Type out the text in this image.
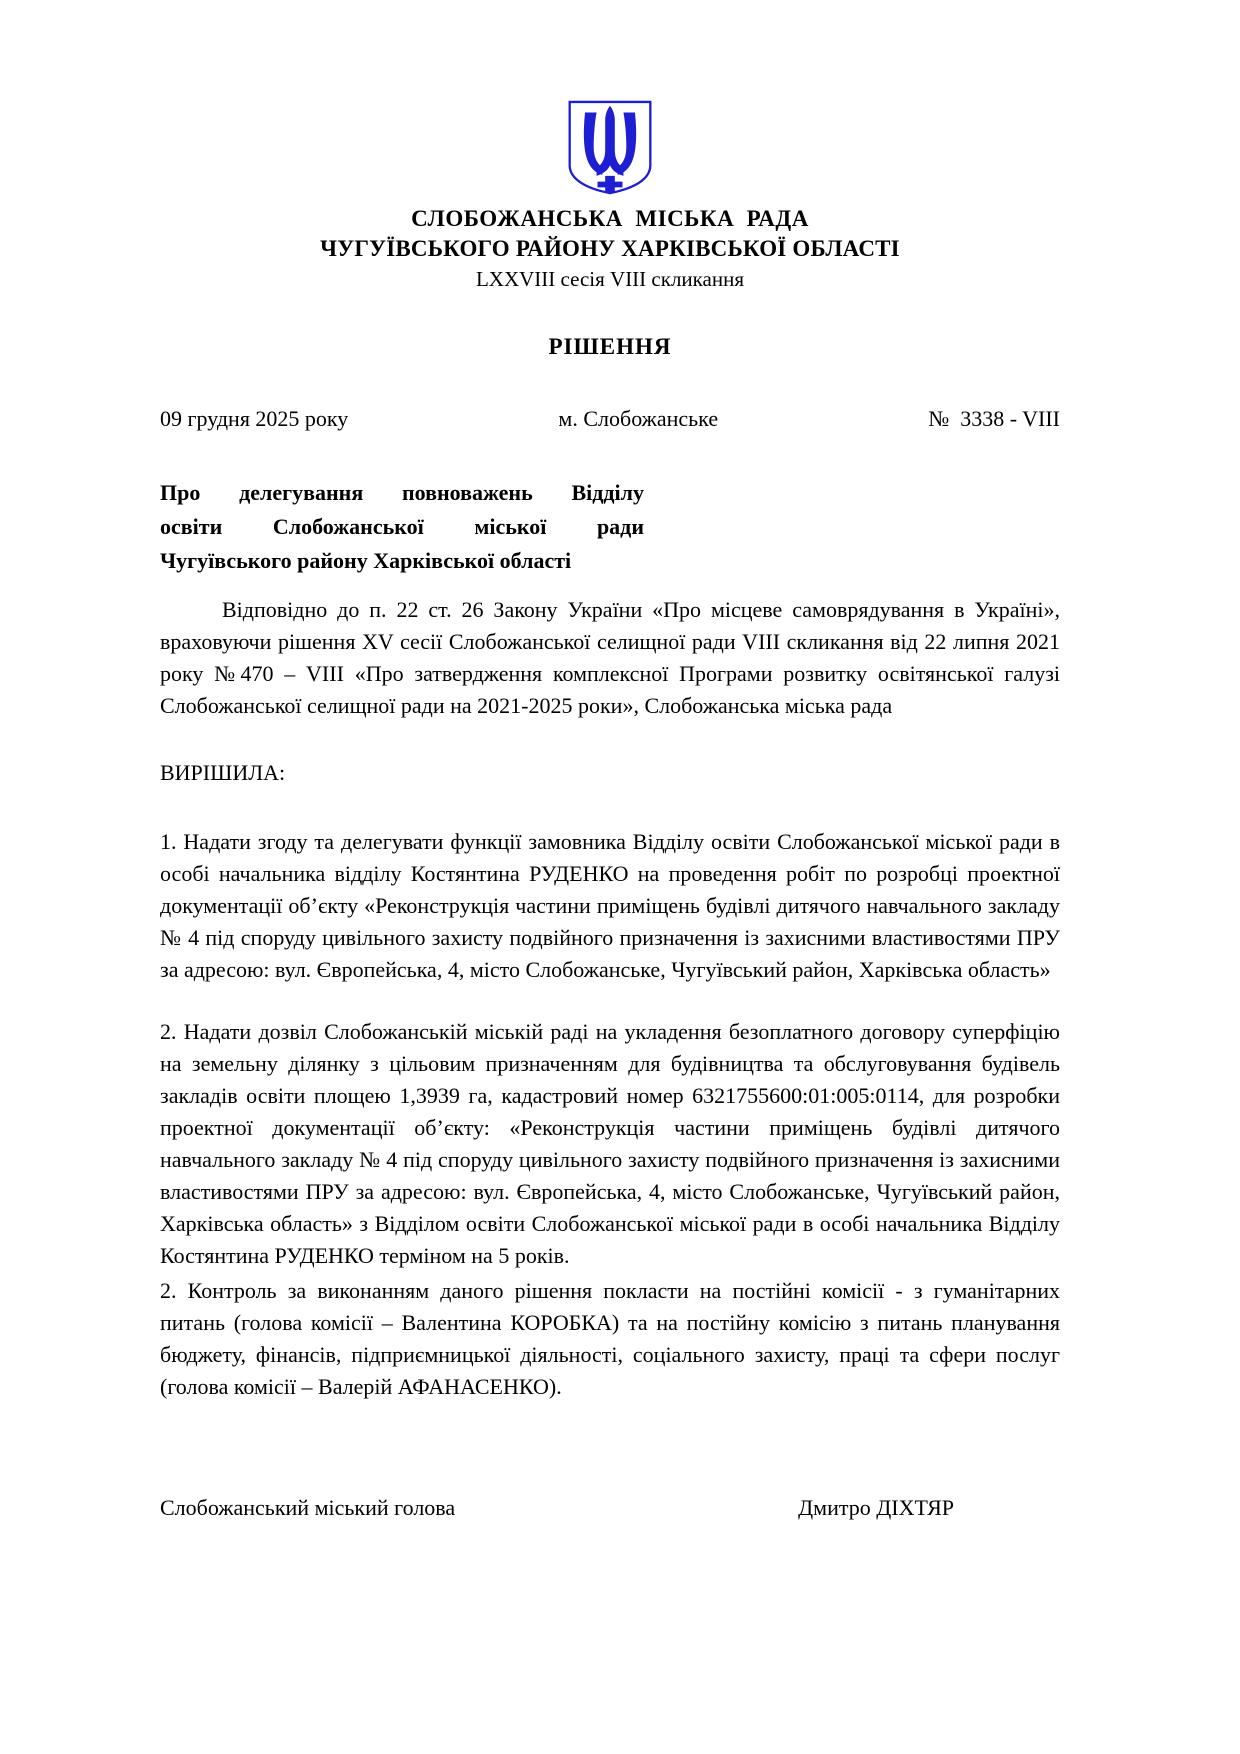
СЛОБОЖАНСЬКА  МІСЬКА  РАДА
ЧУГУЇВСЬКОГО РАЙОНУ ХАРКІВСЬКОЇ ОБЛАСТІ
LXXVIII сесія VIII скликання
РІШЕННЯ
09 грудня 2025 року	м. Слобожанське	№  3338 - VIII
Про делегування повноважень Відділу
освіти Слобожанської міської ради
Чугуївського району Харківської області

Відповідно до п. 22 ст. 26 Закону України «Про місцеве самоврядування в Україні», враховуючи рішення XV сесії Слобожанської селищної ради VIII скликання від 22 липня 2021 року №470 – VIII «Про затвердження комплексної Програми розвитку освітянської галузі Слобожанської селищної ради на 2021-2025 роки», Слобожанська міська рада

ВИРІШИЛА:

1. Надати згоду та делегувати функції замовника Відділу освіти Слобожанської міської ради в особі начальника відділу Костянтина РУДЕНКО на проведення робіт по розробці проектної документації об’єкту «Реконструкція частини приміщень будівлі дитячого навчального закладу № 4 під споруду цивільного захисту подвійного призначення із захисними властивостями ПРУ за адресою: вул. Європейська, 4, місто Слобожанське, Чугуївський район, Харківська область»

2. Надати дозвіл Слобожанській міській раді на укладення безоплатного договору суперфіцію на земельну ділянку з цільовим призначенням для будівництва та обслуговування будівель закладів освіти площею 1,3939 га, кадастровий номер 6321755600:01:005:0114, для розробки проектної документації об’єкту: «Реконструкція частини приміщень будівлі дитячого навчального закладу № 4 під споруду цивільного захисту подвійного призначення із захисними властивостями ПРУ за адресою: вул. Європейська, 4, місто Слобожанське, Чугуївський район, Харківська область» з Відділом освіти Слобожанської міської ради в особі начальника Відділу Костянтина РУДЕНКО терміном на 5 років.

2. Контроль за виконанням даного рішення покласти на постійні комісії - з гуманітарних питань (голова комісії – Валентина КОРОБКА) та на постійну комісію з питань планування бюджету, фінансів, підприємницької діяльності, соціального захисту, праці та сфери послуг (голова комісії – Валерій АФАНАСЕНКО).

Слобожанський міський голова	Дмитро ДІХТЯР
